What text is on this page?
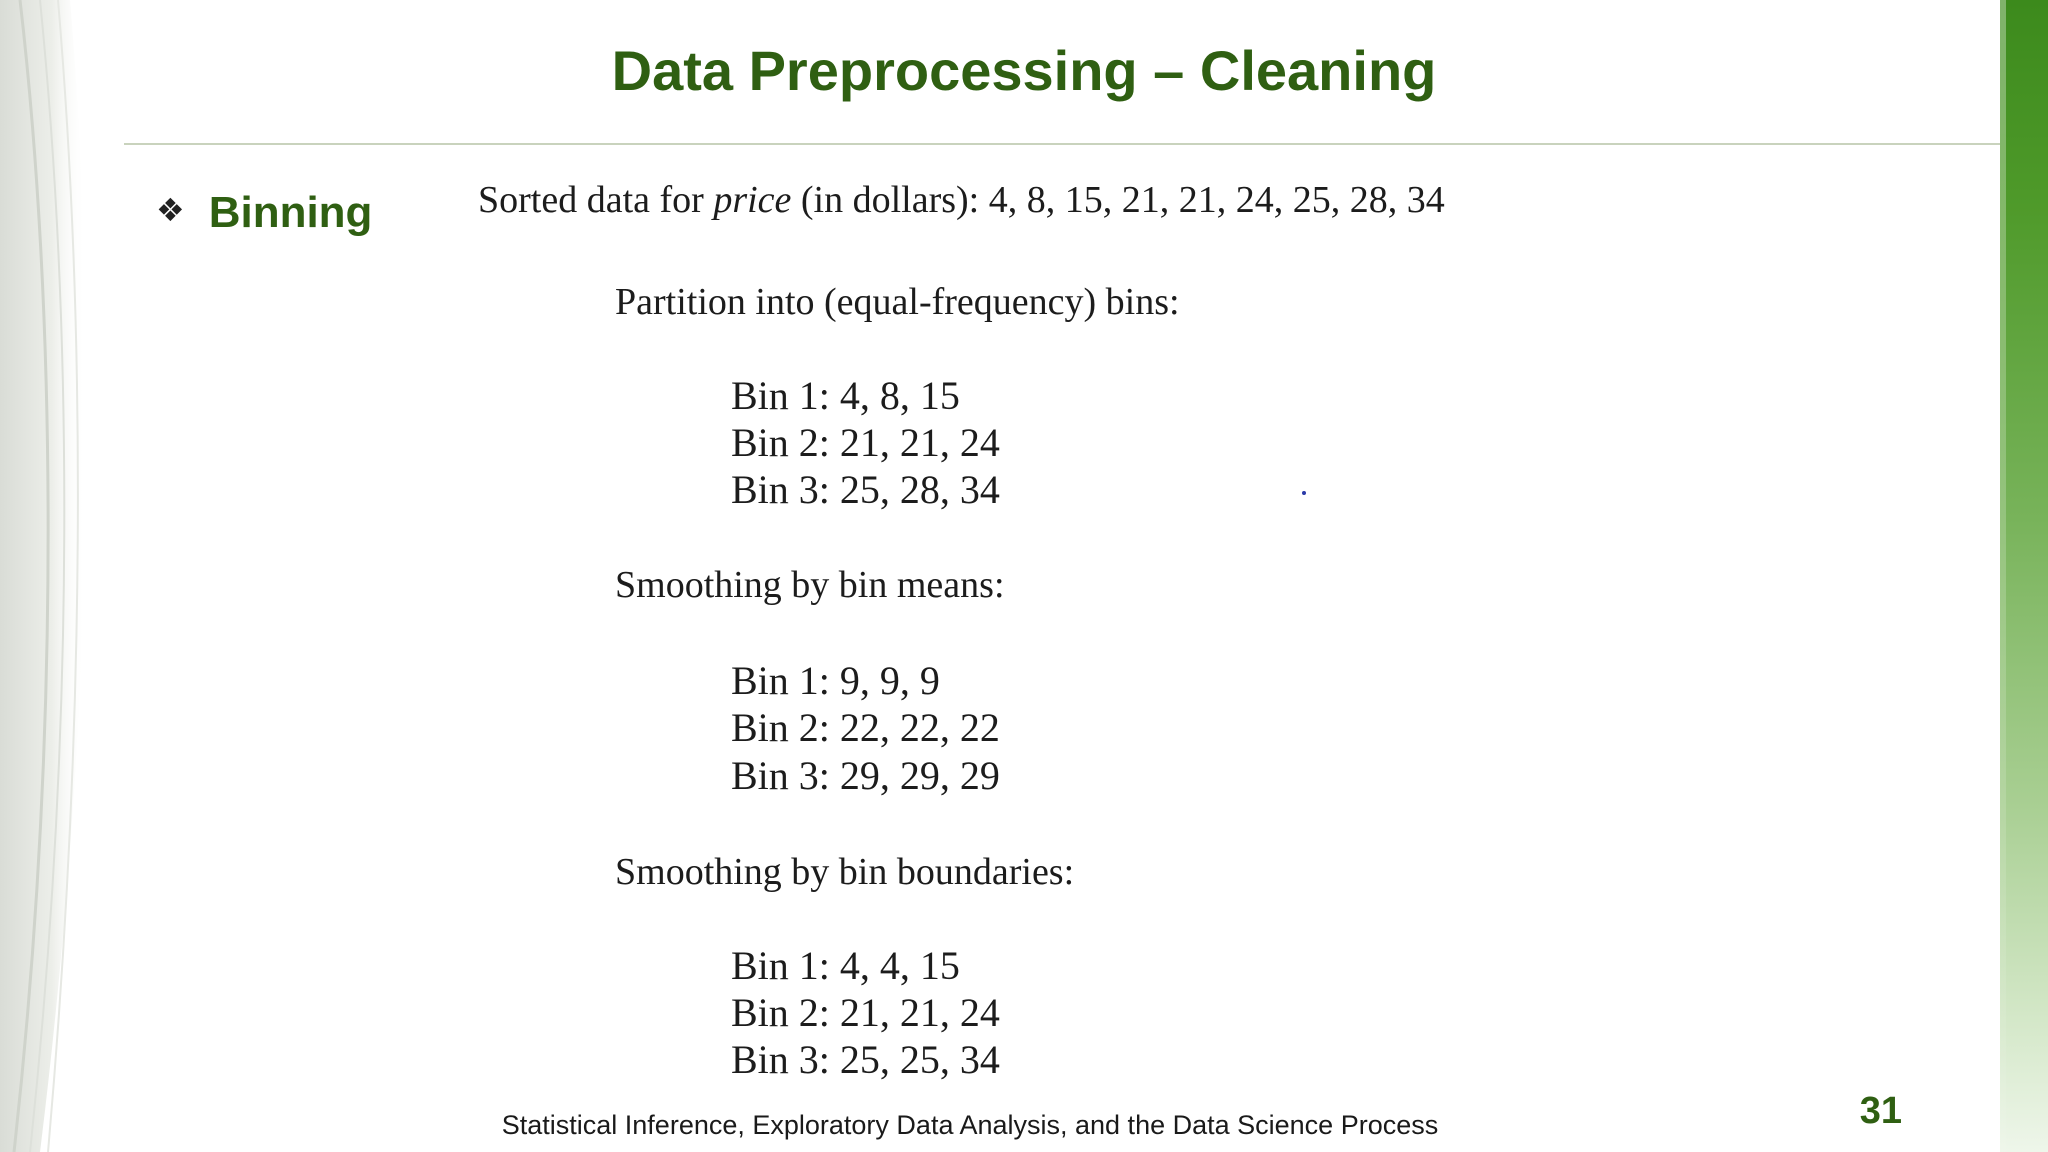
Data Preprocessing – Cleaning
❖ Binning	Sorted data for price (in dollars): 4, 8, 15, 21, 21, 24, 25, 28, 34
Partition into (equal-frequency) bins:
Bin 1: 4, 8, 15
Bin 2: 21, 21, 24
Bin 3: 25, 28, 34
Smoothing by bin means:
Bin 1: 9, 9, 9
Bin 2: 22, 22, 22
Bin 3: 29, 29, 29
Smoothing by bin boundaries:
Bin 1: 4, 4, 15
Bin 2: 21, 21, 24
Bin 3: 25, 25, 34
Statistical Inference, Exploratory Data Analysis, and the Data Science Process	31
